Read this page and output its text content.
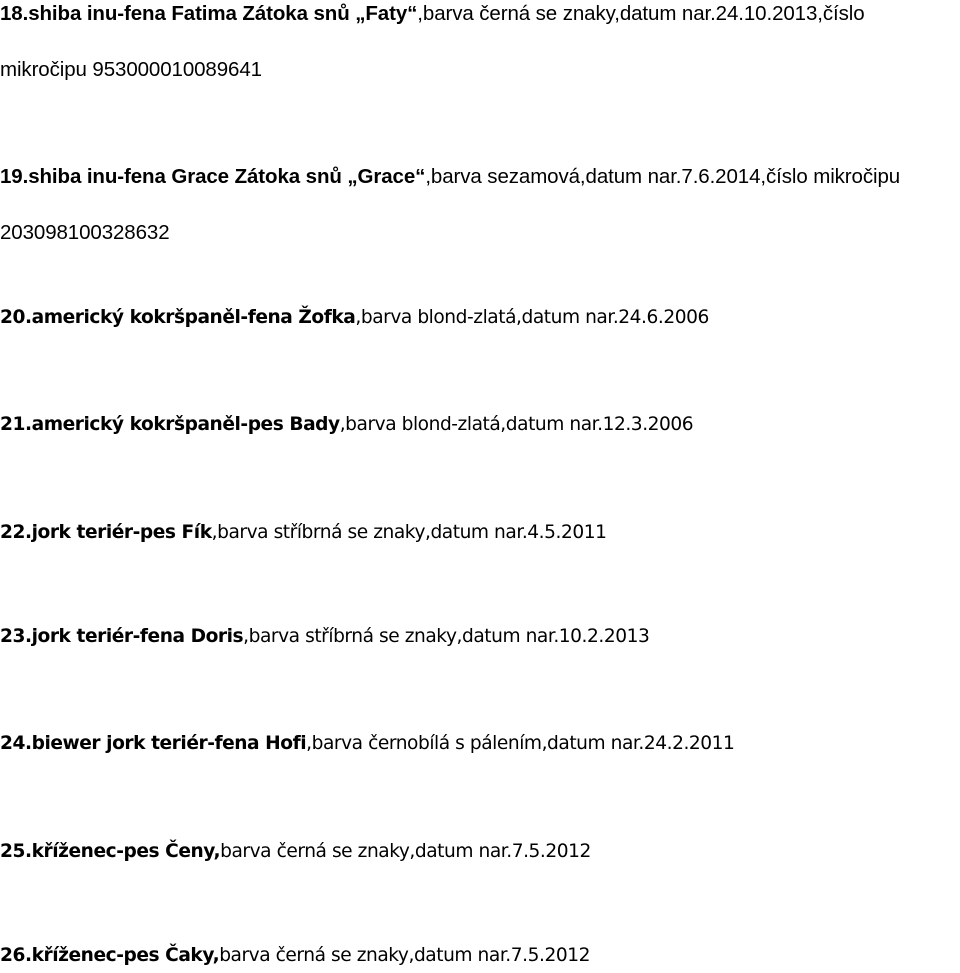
18.shiba inu-fena Fatima Zátoka snů „Faty“,barva černá se znaky,datum nar.24.10.2013,číslo
mikročipu 953000010089641
19.shiba inu-fena Grace Zátoka snů „Grace“,barva sezamová,datum nar.7.6.2014,číslo mikročipu
203098100328632
20.americký kokršpaněl-fena Žofka,barva blond-zlatá,datum nar.24.6.2006
21.americký kokršpaněl-pes Bady,barva blond-zlatá,datum nar.12.3.2006
22.jork teriér-pes Fík,barva stříbrná se znaky,datum nar.4.5.2011
23.jork teriér-fena Doris,barva stříbrná se znaky,datum nar.10.2.2013
24.biewer jork teriér-fena Hofi,barva černobílá s pálením,datum nar.24.2.2011
25.kříženec-pes Čeny,barva černá se znaky,datum nar.7.5.2012
26.kříženec-pes Čaky,barva černá se znaky,datum nar.7.5.2012
